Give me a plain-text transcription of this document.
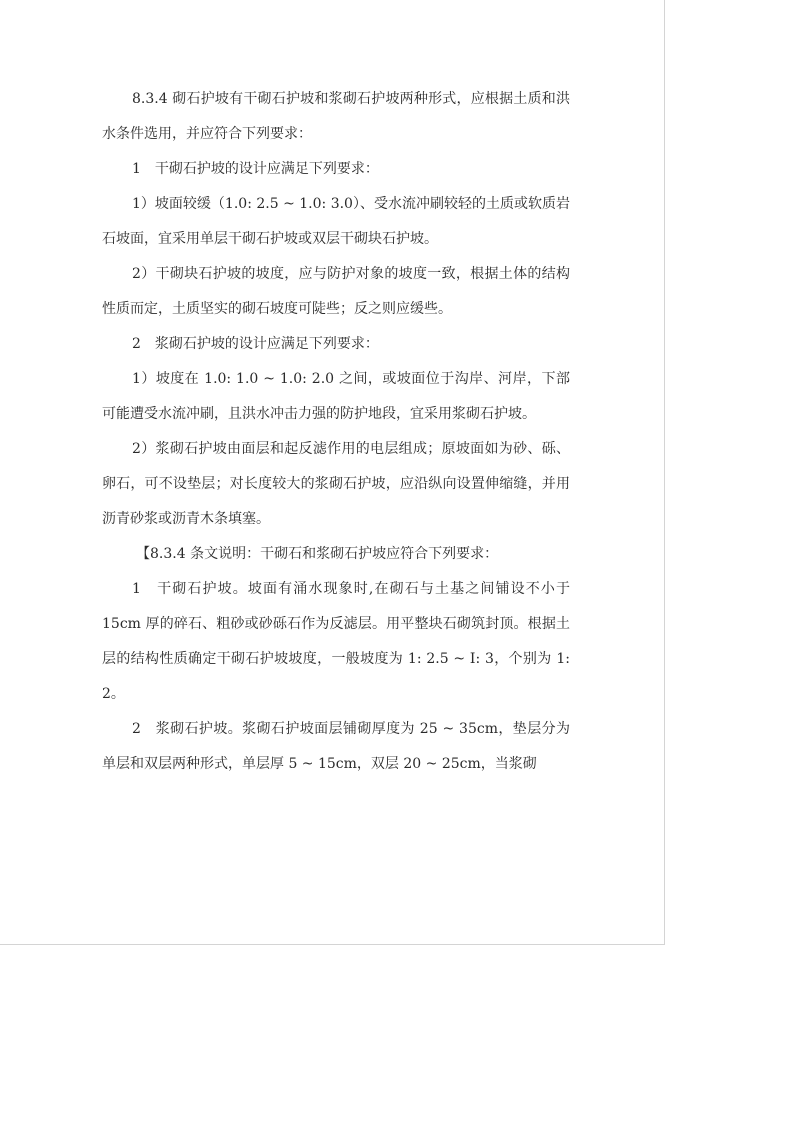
8.3.4 砌石护坡有干砌石护坡和浆砌石护坡两种形式，应根据土质和洪水条件选用，并应符合下列要求：

1　干砌石护坡的设计应满足下列要求：

1）坡面较缓（1.0: 2.5 ~ 1.0: 3.0）、受水流冲刷较轻的土质或软质岩石坡面，宜采用单层干砌石护坡或双层干砌块石护坡。

2）干砌块石护坡的坡度，应与防护对象的坡度一致，根据土体的结构性质而定，土质坚实的砌石坡度可陡些；反之则应缓些。

2　浆砌石护坡的设计应满足下列要求：

1）坡度在 1.0: 1.0 ~ 1.0: 2.0 之间，或坡面位于沟岸、河岸，下部可能遭受水流冲刷，且洪水冲击力强的防护地段，宜采用浆砌石护坡。

2）浆砌石护坡由面层和起反滤作用的电层组成；原坡面如为砂、砾、卵石，可不设垫层；对长度较大的浆砌石护坡，应沿纵向设置伸缩缝，并用沥青砂浆或沥青木条填塞。

【8.3.4 条文说明：干砌石和浆砌石护坡应符合下列要求：

1　干砌石护坡。坡面有涌水现象时,在砌石与土基之间铺设不小于 15cm 厚的碎石、粗砂或砂砾石作为反滤层。用平整块石砌筑封顶。根据土层的结构性质确定干砌石护坡坡度，一般坡度为 1: 2.5 ~ I: 3，个别为 1: 2。

2　浆砌石护坡。浆砌石护坡面层铺砌厚度为 25 ~ 35cm，垫层分为单层和双层两种形式，单层厚 5 ~ 15cm，双层 20 ~ 25cm，当浆砌
